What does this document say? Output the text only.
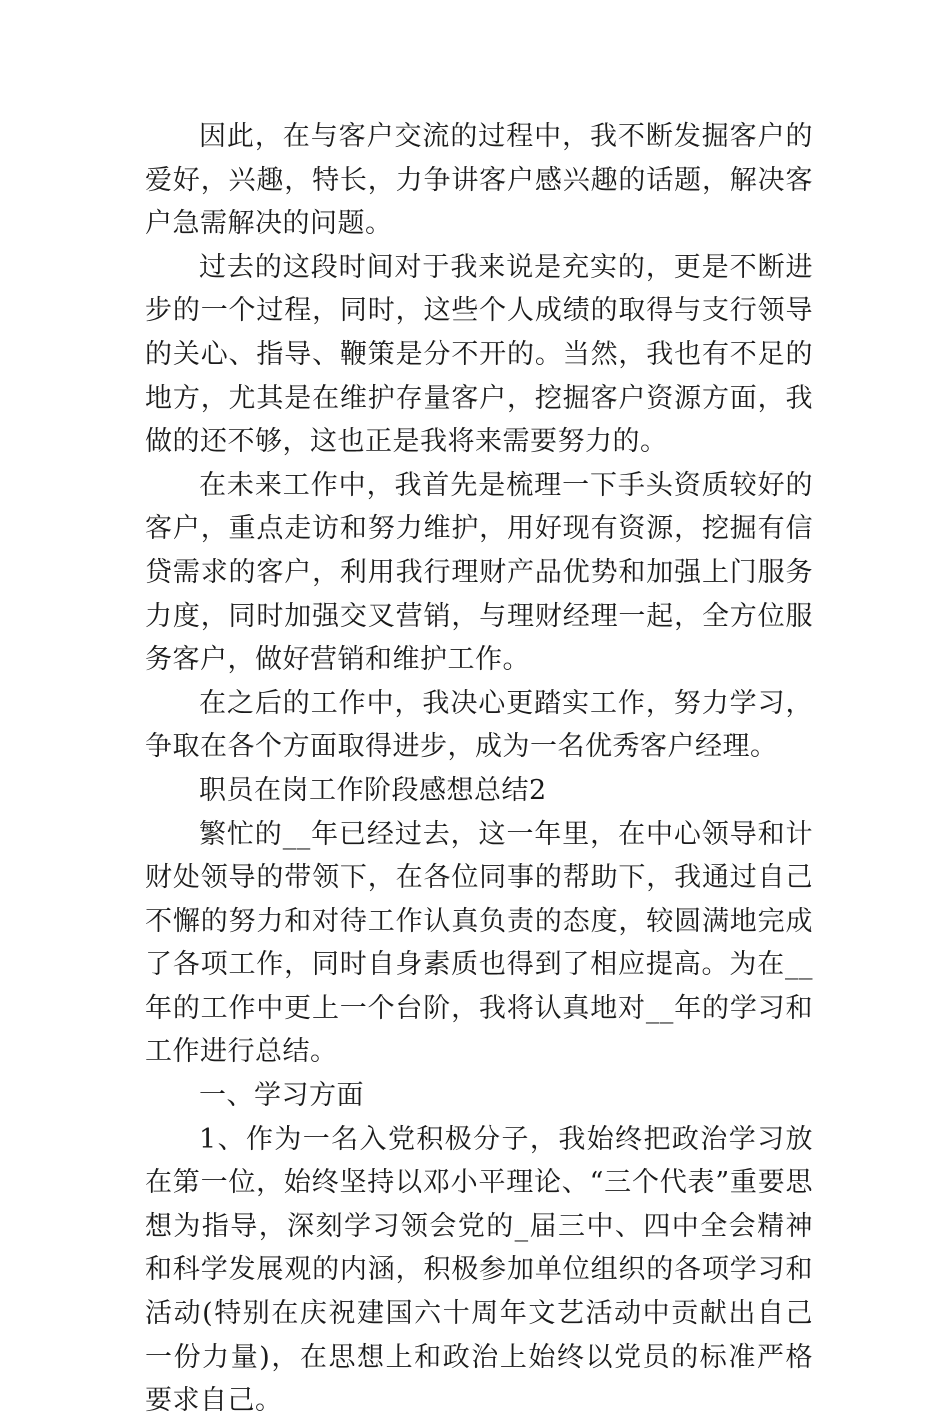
因此，在与客户交流的过程中，我不断发掘客户的爱好，兴趣，特长，力争讲客户感兴趣的话题，解决客户急需解决的问题。

过去的这段时间对于我来说是充实的，更是不断进步的一个过程，同时，这些个人成绩的取得与支行领导的关心、指导、鞭策是分不开的。当然，我也有不足的地方，尤其是在维护存量客户，挖掘客户资源方面，我做的还不够，这也正是我将来需要努力的。

在未来工作中，我首先是梳理一下手头资质较好的客户，重点走访和努力维护，用好现有资源，挖掘有信贷需求的客户，利用我行理财产品优势和加强上门服务力度，同时加强交叉营销，与理财经理一起，全方位服务客户，做好营销和维护工作。

在之后的工作中，我决心更踏实工作，努力学习，争取在各个方面取得进步，成为一名优秀客户经理。

职员在岗工作阶段感想总结2

繁忙的__年已经过去，这一年里，在中心领导和计财处领导的带领下，在各位同事的帮助下，我通过自己不懈的努力和对待工作认真负责的态度，较圆满地完成了各项工作，同时自身素质也得到了相应提高。为在__年的工作中更上一个台阶，我将认真地对__年的学习和工作进行总结。

一、学习方面

1、作为一名入党积极分子，我始终把政治学习放在第一位，始终坚持以邓小平理论、“三个代表”重要思想为指导，深刻学习领会党的_届三中、四中全会精神和科学发展观的内涵，积极参加单位组织的各项学习和活动(特别在庆祝建国六十周年文艺活动中贡献出自己一份力量)，在思想上和政治上始终以党员的标准严格要求自己。
